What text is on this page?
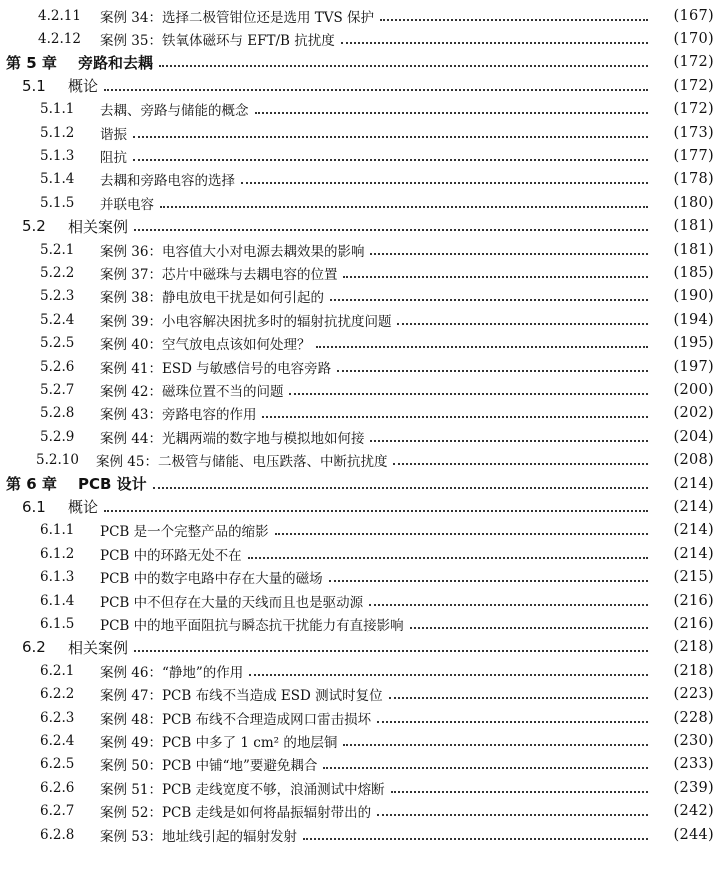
4.2.11	案例 34：选择二极管钳位还是选用 TVS 保护	(167)
4.2.12	案例 35：铁氧体磁环与 EFT/B 抗扰度	(170)
第 5 章	旁路和去耦	(172)
5.1	概论	(172)
5.1.1	去耦、旁路与储能的概念	(172)
5.1.2	谐振	(173)
5.1.3	阻抗	(177)
5.1.4	去耦和旁路电容的选择	(178)
5.1.5	并联电容	(180)
5.2	相关案例	(181)
5.2.1	案例 36：电容值大小对电源去耦效果的影响	(181)
5.2.2	案例 37：芯片中磁珠与去耦电容的位置	(185)
5.2.3	案例 38：静电放电干扰是如何引起的	(190)
5.2.4	案例 39：小电容解决困扰多时的辐射抗扰度问题	(194)
5.2.5	案例 40：空气放电点该如何处理？	(195)
5.2.6	案例 41：ESD 与敏感信号的电容旁路	(197)
5.2.7	案例 42：磁珠位置不当的问题	(200)
5.2.8	案例 43：旁路电容的作用	(202)
5.2.9	案例 44：光耦两端的数字地与模拟地如何接	(204)
5.2.10	案例 45：二极管与储能、电压跌落、中断抗扰度	(208)
第 6 章	PCB 设计	(214)
6.1	概论	(214)
6.1.1	PCB 是一个完整产品的缩影	(214)
6.1.2	PCB 中的环路无处不在	(214)
6.1.3	PCB 中的数字电路中存在大量的磁场	(215)
6.1.4	PCB 中不但存在大量的天线而且也是驱动源	(216)
6.1.5	PCB 中的地平面阻抗与瞬态抗干扰能力有直接影响	(216)
6.2	相关案例	(218)
6.2.1	案例 46：“静地”的作用	(218)
6.2.2	案例 47：PCB 布线不当造成 ESD 测试时复位	(223)
6.2.3	案例 48：PCB 布线不合理造成网口雷击损坏	(228)
6.2.4	案例 49：PCB 中多了 1 cm² 的地层铜	(230)
6.2.5	案例 50：PCB 中铺“地”要避免耦合	(233)
6.2.6	案例 51：PCB 走线宽度不够，浪涌测试中熔断	(239)
6.2.7	案例 52：PCB 走线是如何将晶振辐射带出的	(242)
6.2.8	案例 53：地址线引起的辐射发射	(244)
